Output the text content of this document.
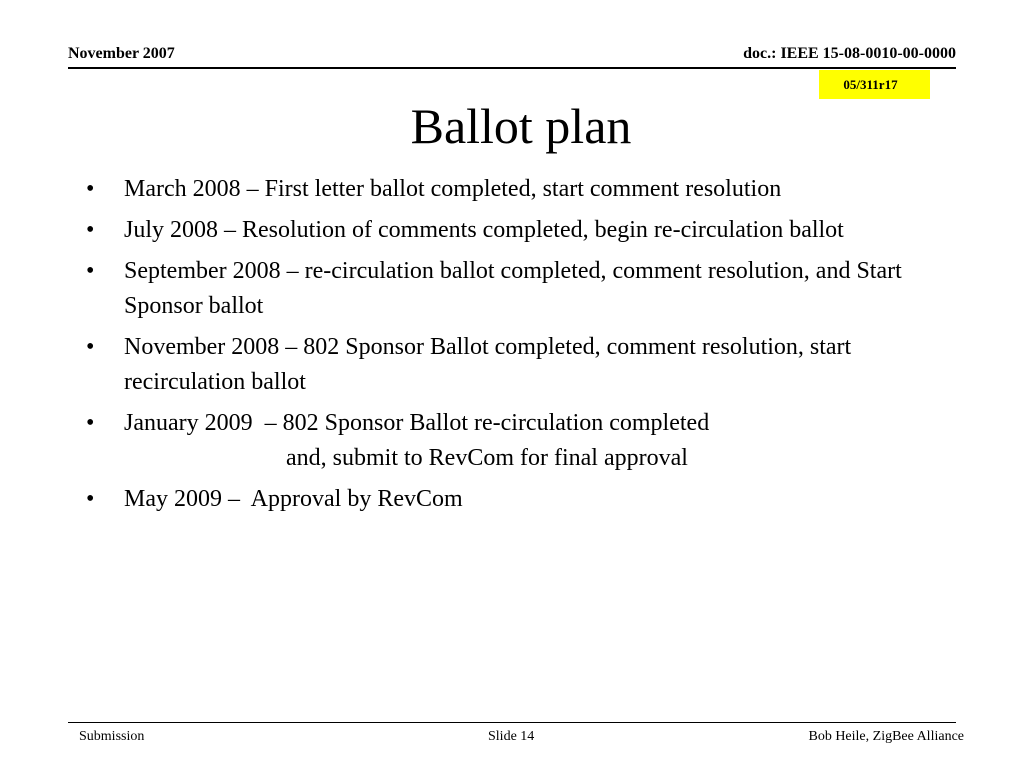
November 2007	doc.: IEEE 15-08-0010-00-0000
05/311r17
Ballot plan
•	March 2008 – First letter ballot completed, start comment resolution
•	July 2008 – Resolution of comments completed, begin re-circulation ballot
•	September 2008 – re-circulation ballot completed, comment resolution, and Start Sponsor ballot
•	November 2008 – 802 Sponsor Ballot completed, comment resolution, start recirculation ballot
•	January 2009  – 802 Sponsor Ballot re-circulation completed
and, submit to RevCom for final approval
•	May 2009 –  Approval by RevCom
Submission	Slide 14	Bob Heile, ZigBee Alliance
